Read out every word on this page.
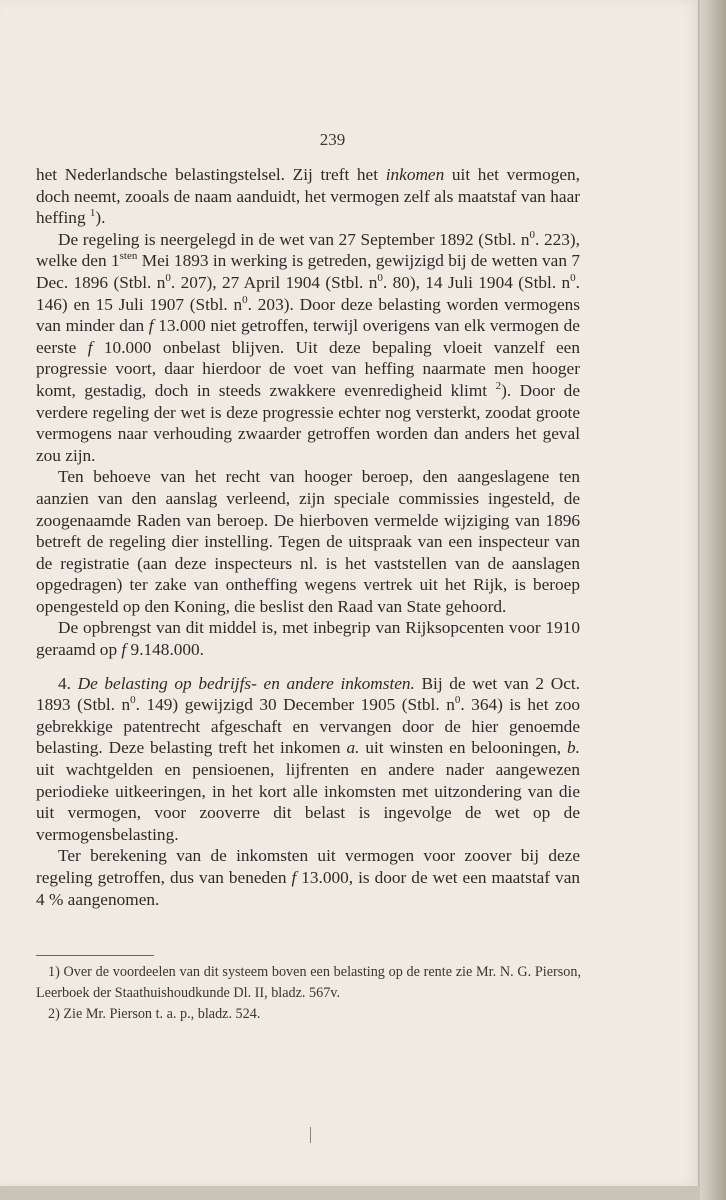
239

het Nederlandsche belastingstelsel. Zij treft het inkomen uit het vermogen, doch neemt, zooals de naam aanduidt, het vermogen zelf als maatstaf van haar heffing $^1$).

De regeling is neergelegd in de wet van 27 September 1892 (Stbl. $n^0$. 223), welke den $1^{sten}$ Mei 1893 in werking is getreden, gewijzigd bij de wetten van 7 Dec. 1896 (Stbl. $n^0$. 207), 27 April 1904 (Stbl. $n^0$. 80), 14 Juli 1904 (Stbl. $n^0$. 146) en 15 Juli 1907 (Stbl. $n^0$. 203). Door deze belasting worden vermogens van minder dan f 13.000 niet getroffen, terwijl overigens van elk vermogen de eerste f 10.000 onbelast blijven. Uit deze bepaling vloeit vanzelf een progressie voort, daar hierdoor de voet van heffing naarmate men hooger komt, gestadig, doch in steeds zwakkere evenredigheid klimt $^2$). Door de verdere regeling der wet is deze progressie echter nog versterkt, zoodat groote vermogens naar verhouding zwaarder getroffen worden dan anders het geval zou zijn.

Ten behoeve van het recht van hooger beroep, den aangeslagene ten aanzien van den aanslag verleend, zijn speciale commissies ingesteld, de zoogenaamde Raden van beroep. De hierboven vermelde wijziging van 1896 betreft de regeling dier instelling. Tegen de uitspraak van een inspecteur van de registratie (aan deze inspecteurs nl. is het vaststellen van de aanslagen opgedragen) ter zake van ontheffing wegens vertrek uit het Rijk, is beroep opengesteld op den Koning, die beslist den Raad van State gehoord.

De opbrengst van dit middel is, met inbegrip van Rijksopcenten voor 1910 geraamd op f 9.148.000.

4. De belasting op bedrijfs- en andere inkomsten. Bij de wet van 2 Oct. 1893 (Stbl. $n^0$. 149) gewijzigd 30 December 1905 (Stbl. $n^0$. 364) is het zoo gebrekkige patentrecht afgeschaft en vervangen door de hier genoemde belasting. Deze belasting treft het inkomen a. uit winsten en belooningen, b. uit wachtgelden en pensioenen, lijfrenten en andere nader aangewezen periodieke uitkeeringen, in het kort alle inkomsten met uitzondering van die uit vermogen, voor zooverre dit belast is ingevolge de wet op de vermogensbelasting.

Ter berekening van de inkomsten uit vermogen voor zoover bij deze regeling getroffen, dus van beneden f 13.000, is door de wet een maatstaf van 4 % aangenomen.

1) Over de voordeelen van dit systeem boven een belasting op de rente zie Mr. N. G. Pierson, Leerboek der Staathuishoudkunde Dl. II, bladz. 567v.

2) Zie Mr. Pierson t. a. p., bladz. 524.
